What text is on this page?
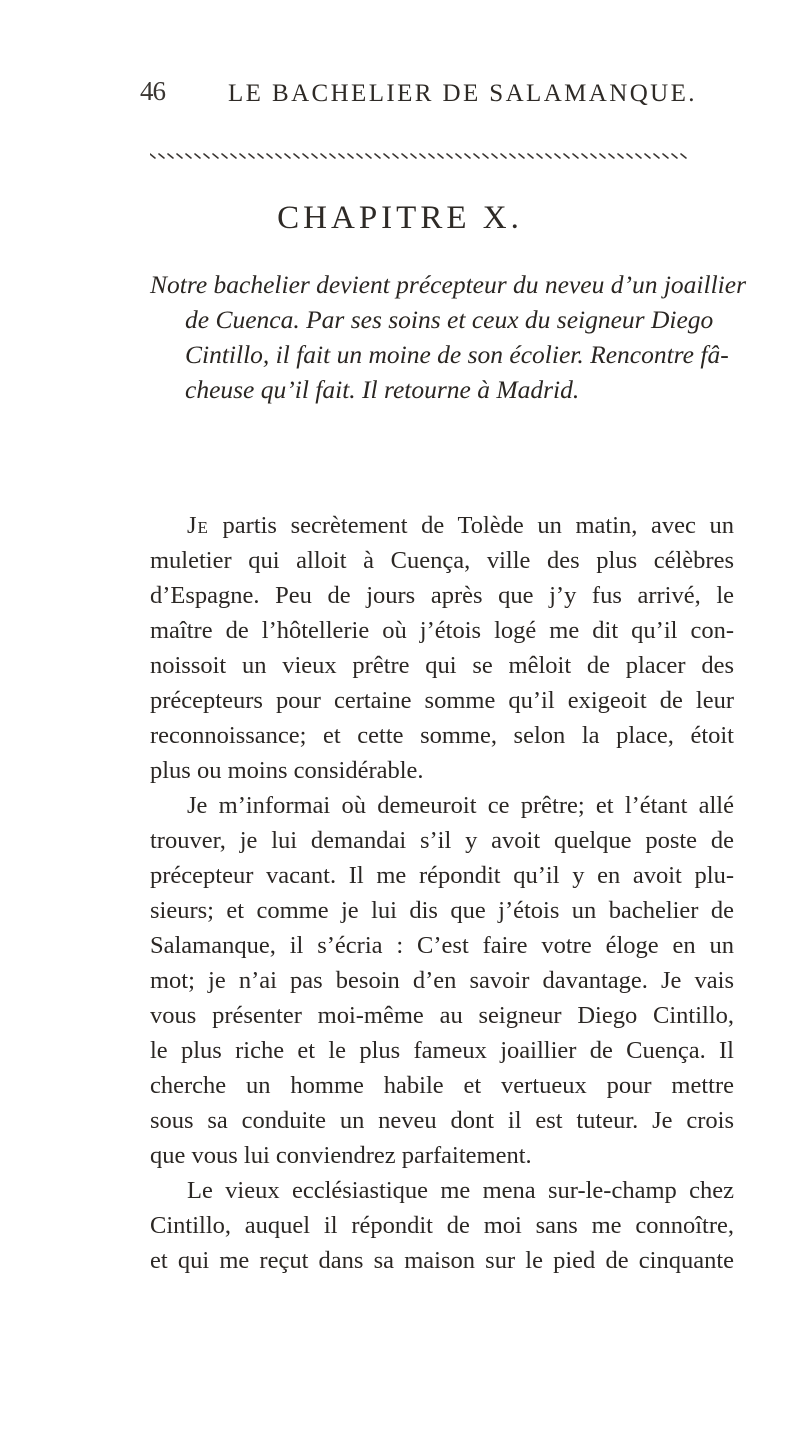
46	LE BACHELIER DE SALAMANQUE.
CHAPITRE X.

Notre bachelier devient précepteur du neveu d’un joaillier
de Cuenca. Par ses soins et ceux du seigneur Diego
Cintillo, il fait un moine de son écolier. Rencontre fâ-
cheuse qu’il fait. Il retourne à Madrid.

Je partis secrètement de Tolède un matin, avec un
muletier qui alloit à Cuença, ville des plus célèbres
d’Espagne. Peu de jours après que j’y fus arrivé, le
maître de l’hôtellerie où j’étois logé me dit qu’il con-
noissoit un vieux prêtre qui se mêloit de placer des
précepteurs pour certaine somme qu’il exigeoit de leur
reconnoissance; et cette somme, selon la place, étoit
plus ou moins considérable.
Je m’informai où demeuroit ce prêtre; et l’étant allé
trouver, je lui demandai s’il y avoit quelque poste de
précepteur vacant. Il me répondit qu’il y en avoit plu-
sieurs; et comme je lui dis que j’étois un bachelier de
Salamanque, il s’écria : C’est faire votre éloge en un
mot; je n’ai pas besoin d’en savoir davantage. Je vais
vous présenter moi-même au seigneur Diego Cintillo,
le plus riche et le plus fameux joaillier de Cuença. Il
cherche un homme habile et vertueux pour mettre
sous sa conduite un neveu dont il est tuteur. Je crois
que vous lui conviendrez parfaitement.
Le vieux ecclésiastique me mena sur-le-champ chez
Cintillo, auquel il répondit de moi sans me connoître,
et qui me reçut dans sa maison sur le pied de cinquante
